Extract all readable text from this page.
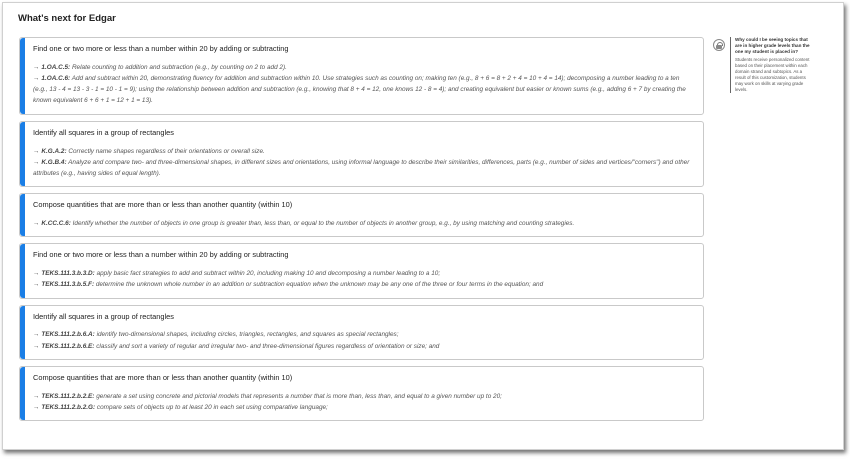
What's next for Edgar
Find one or two more or less than a number within 20 by adding or subtracting
→ 1.OA.C.5: Relate counting to addition and subtraction (e.g., by counting on 2 to add 2).
→ 1.OA.C.6: Add and subtract within 20, demonstrating fluency for addition and subtraction within 10. Use strategies such as counting on; making ten (e.g., 8 + 6 = 8 + 2 + 4 = 10 + 4 = 14); decomposing a number leading to a ten (e.g., 13 - 4 = 13 - 3 - 1 = 10 - 1 = 9); using the relationship between addition and subtraction (e.g., knowing that 8 + 4 = 12, one knows 12 - 8 = 4); and creating equivalent but easier or known sums (e.g., adding 6 + 7 by creating the known equivalent 6 + 6 + 1 = 12 + 1 = 13).
Identify all squares in a group of rectangles
→ K.G.A.2: Correctly name shapes regardless of their orientations or overall size.
→ K.G.B.4: Analyze and compare two- and three-dimensional shapes, in different sizes and orientations, using informal language to describe their similarities, differences, parts (e.g., number of sides and vertices/"corners") and other attributes (e.g., having sides of equal length).
Compose quantities that are more than or less than another quantity (within 10)
→ K.CC.C.6: Identify whether the number of objects in one group is greater than, less than, or equal to the number of objects in another group, e.g., by using matching and counting strategies.
Find one or two more or less than a number within 20 by adding or subtracting
→ TEKS.111.3.b.3.D: apply basic fact strategies to add and subtract within 20, including making 10 and decomposing a number leading to a 10;
→ TEKS.111.3.b.5.F: determine the unknown whole number in an addition or subtraction equation when the unknown may be any one of the three or four terms in the equation; and
Identify all squares in a group of rectangles
→ TEKS.111.2.b.6.A: identify two-dimensional shapes, including circles, triangles, rectangles, and squares as special rectangles;
→ TEKS.111.2.b.6.E: classify and sort a variety of regular and irregular two- and three-dimensional figures regardless of orientation or size; and
Compose quantities that are more than or less than another quantity (within 10)
→ TEKS.111.2.b.2.E: generate a set using concrete and pictorial models that represents a number that is more than, less than, and equal to a given number up to 20;
→ TEKS.111.2.b.2.G: compare sets of objects up to at least 20 in each set using comparative language;
Why could I be seeing topics that are in higher grade levels than the one my student is placed in?
Students receive personalized content based on their placement within each domain strand and subtopics. As a result of this customization, students may work on skills at varying grade levels.
